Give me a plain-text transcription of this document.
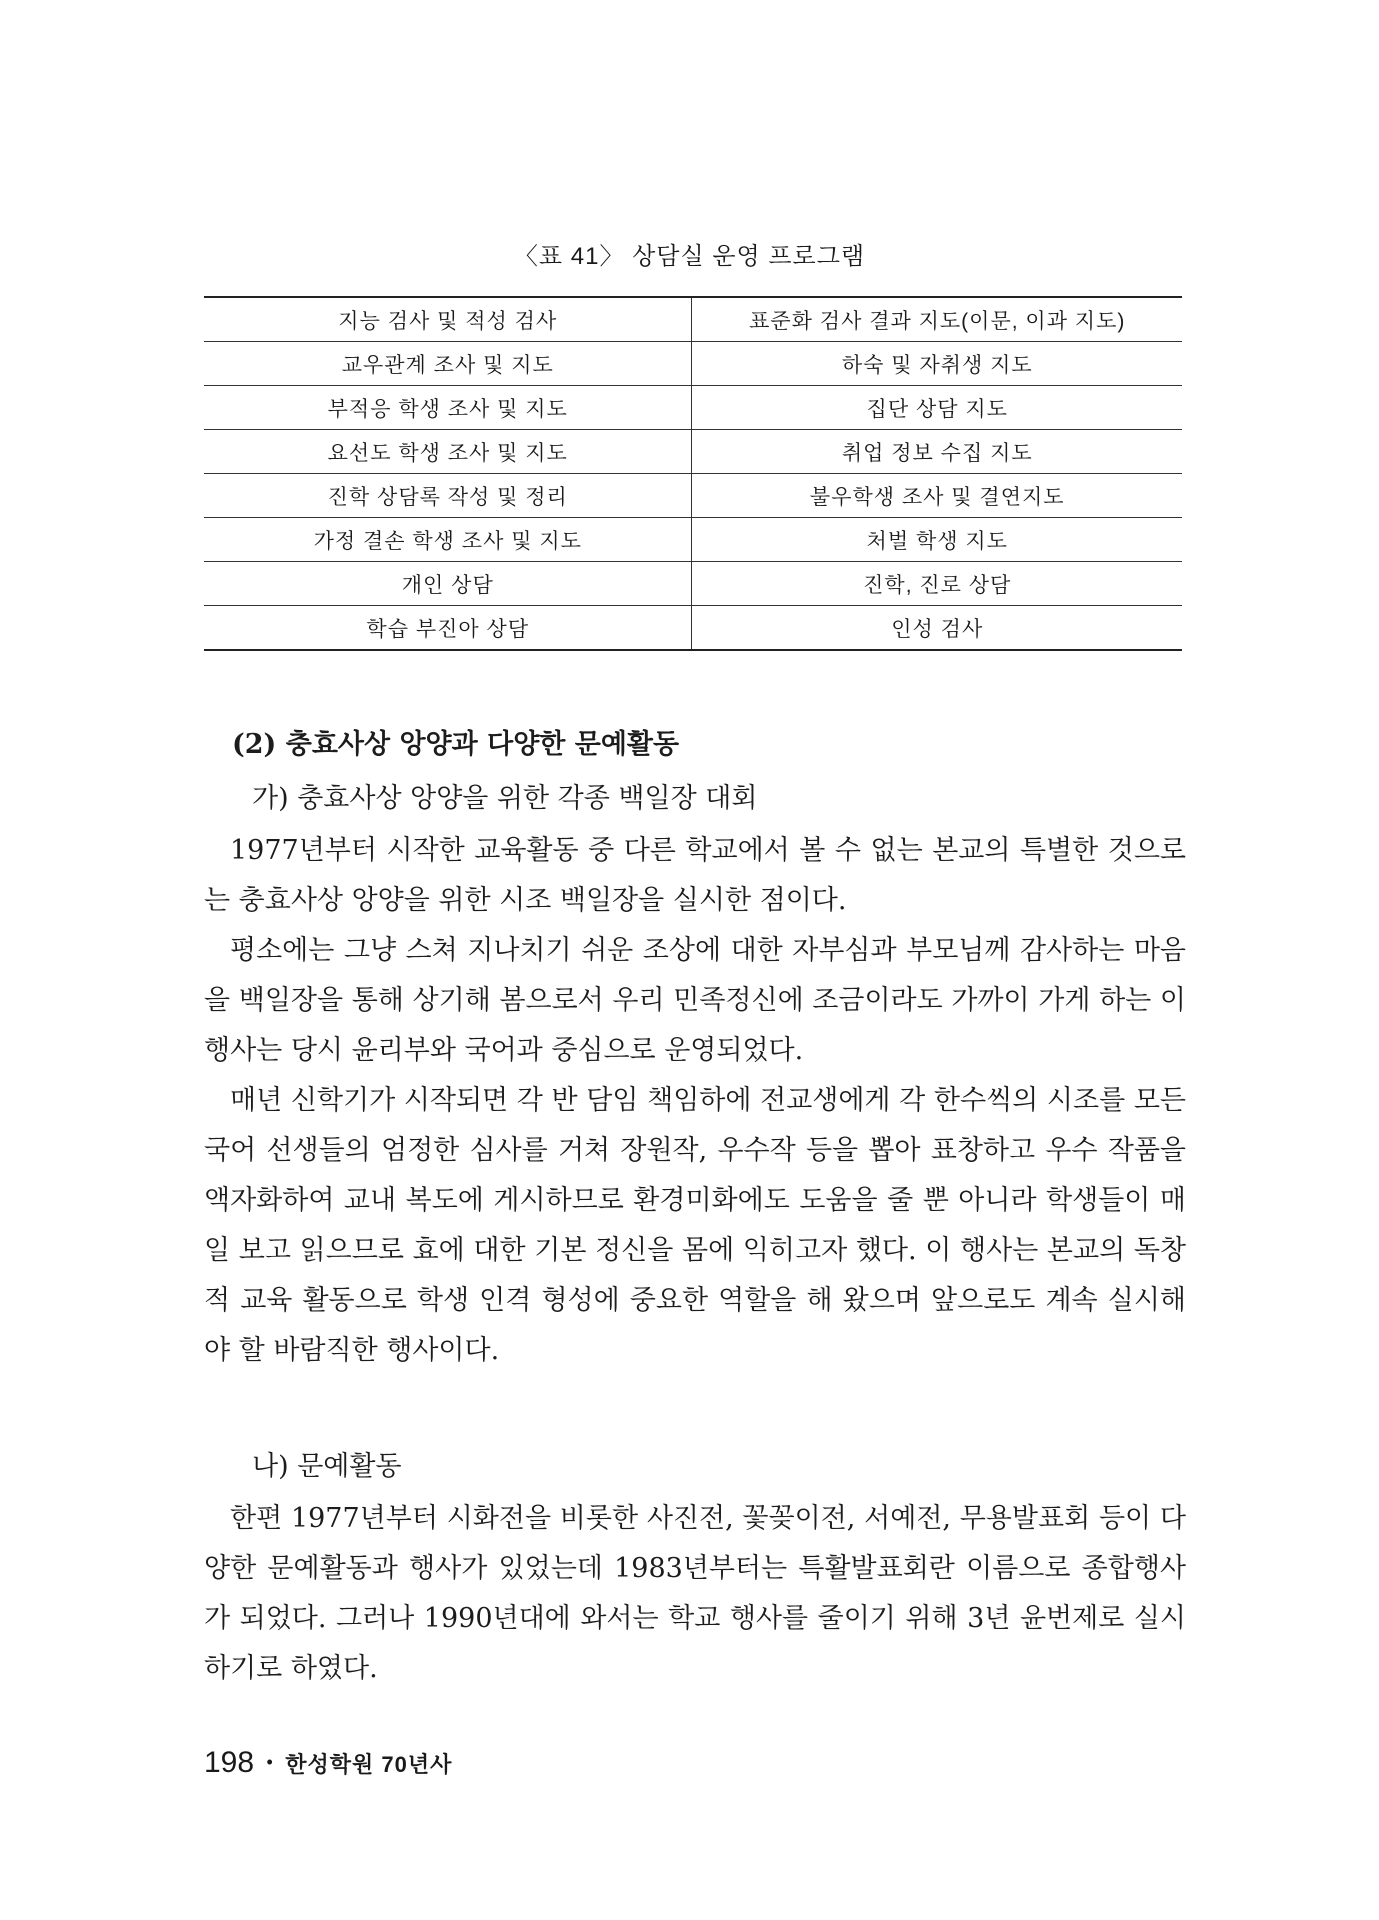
〈표 41〉 상담실 운영 프로그램
지능 검사 및 적성 검사	표준화 검사 결과 지도(이문, 이과 지도)
교우관계 조사 및 지도	하숙 및 자취생 지도
부적응 학생 조사 및 지도	집단 상담 지도
요선도 학생 조사 및 지도	취업 정보 수집 지도
진학 상담록 작성 및 정리	불우학생 조사 및 결연지도
가정 결손 학생 조사 및 지도	처벌 학생 지도
개인 상담	진학, 진로 상담
학습 부진아 상담	인성 검사
(2) 충효사상 앙양과 다양한 문예활동
가) 충효사상 앙양을 위한 각종 백일장 대회

1977년부터 시작한 교육활동 중 다른 학교에서 볼 수 없는 본교의 특별한 것으로는 충효사상 앙양을 위한 시조 백일장을 실시한 점이다.

평소에는 그냥 스쳐 지나치기 쉬운 조상에 대한 자부심과 부모님께 감사하는 마음을 백일장을 통해 상기해 봄으로서 우리 민족정신에 조금이라도 가까이 가게 하는 이 행사는 당시 윤리부와 국어과 중심으로 운영되었다.

매년 신학기가 시작되면 각 반 담임 책임하에 전교생에게 각 한수씩의 시조를 모든 국어 선생들의 엄정한 심사를 거쳐 장원작, 우수작 등을 뽑아 표창하고 우수 작품을 액자화하여 교내 복도에 게시하므로 환경미화에도 도움을 줄 뿐 아니라 학생들이 매일 보고 읽으므로 효에 대한 기본 정신을 몸에 익히고자 했다. 이 행사는 본교의 독창적 교육 활동으로 학생 인격 형성에 중요한 역할을 해 왔으며 앞으로도 계속 실시해야 할 바람직한 행사이다.

나) 문예활동

한편 1977년부터 시화전을 비롯한 사진전, 꽃꽂이전, 서예전, 무용발표회 등이 다양한 문예활동과 행사가 있었는데 1983년부터는 특활발표회란 이름으로 종합행사가 되었다. 그러나 1990년대에 와서는 학교 행사를 줄이기 위해 3년 윤번제로 실시하기로 하였다.

198 • 한성학원 70년사
